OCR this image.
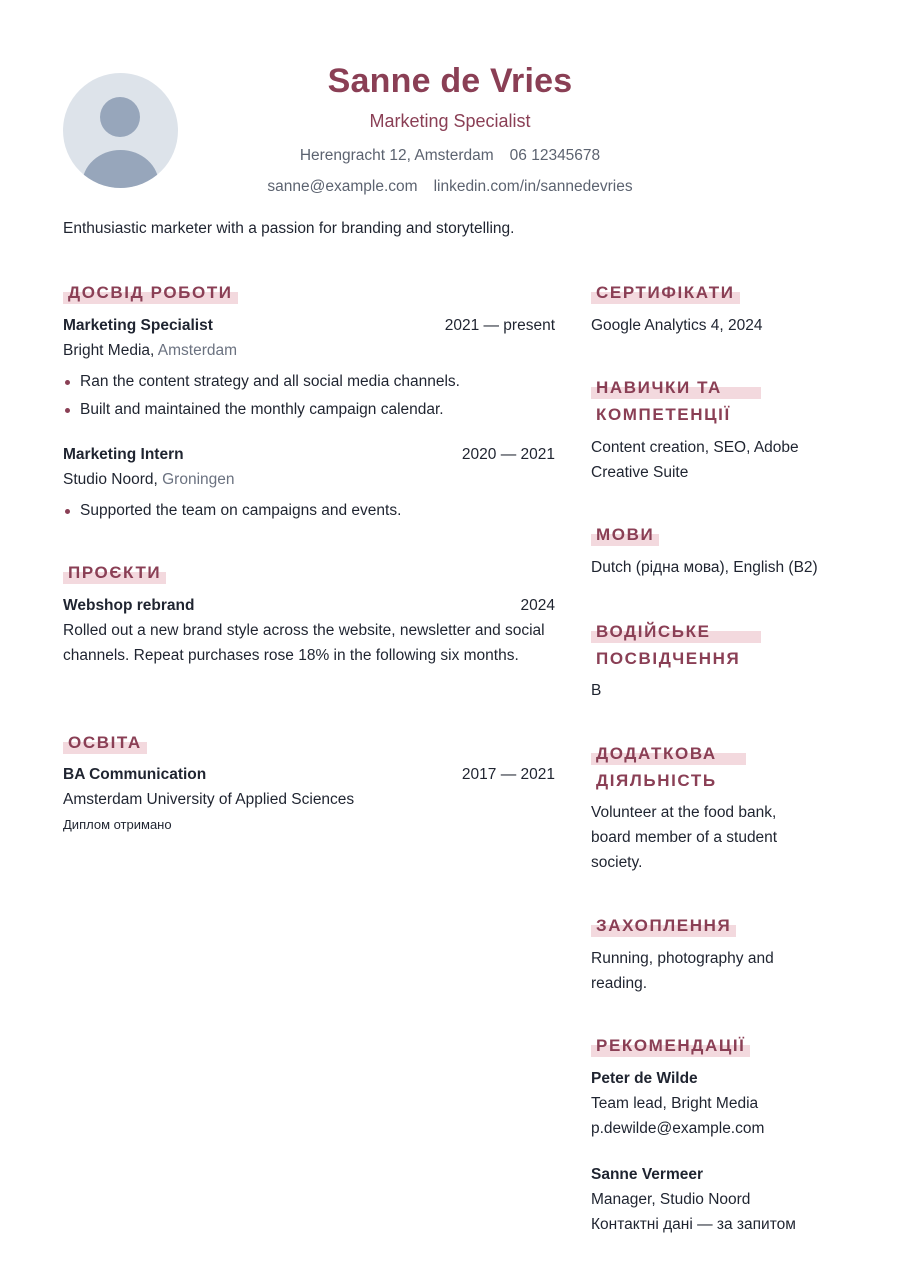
Sanne de Vries
Marketing Specialist
Herengracht 12, Amsterdam 06 12345678
sanne@example.com linkedin.com/in/sannedevries
Enthusiastic marketer with a passion for branding and storytelling.
ДОСВІД РОБОТИ
Marketing Specialist	2021 — present
Bright Media, Amsterdam
Ran the content strategy and all social media channels.
Built and maintained the monthly campaign calendar.
Marketing Intern	2020 — 2021
Studio Noord, Groningen
Supported the team on campaigns and events.
ПРОЄКТИ
Webshop rebrand	2024
Rolled out a new brand style across the website, newsletter and social channels. Repeat purchases rose 18% in the following six months.
ОСВІТА
BA Communication	2017 — 2021
Amsterdam University of Applied Sciences
Диплом отримано
СЕРТИФІКАТИ
Google Analytics 4, 2024
НАВИЧКИ ТА КОМПЕТЕНЦІЇ
Content creation, SEO, Adobe Creative Suite
МОВИ
Dutch (рідна мова), English (B2)
ВОДІЙСЬКЕ ПОСВІДЧЕННЯ
B
ДОДАТКОВА ДІЯЛЬНІСТЬ
Volunteer at the food bank, board member of a student society.
ЗАХОПЛЕННЯ
Running, photography and reading.
РЕКОМЕНДАЦІЇ
Peter de Wilde
Team lead, Bright Media
p.dewilde@example.com
Sanne Vermeer
Manager, Studio Noord
Контактні дані — за запитом
